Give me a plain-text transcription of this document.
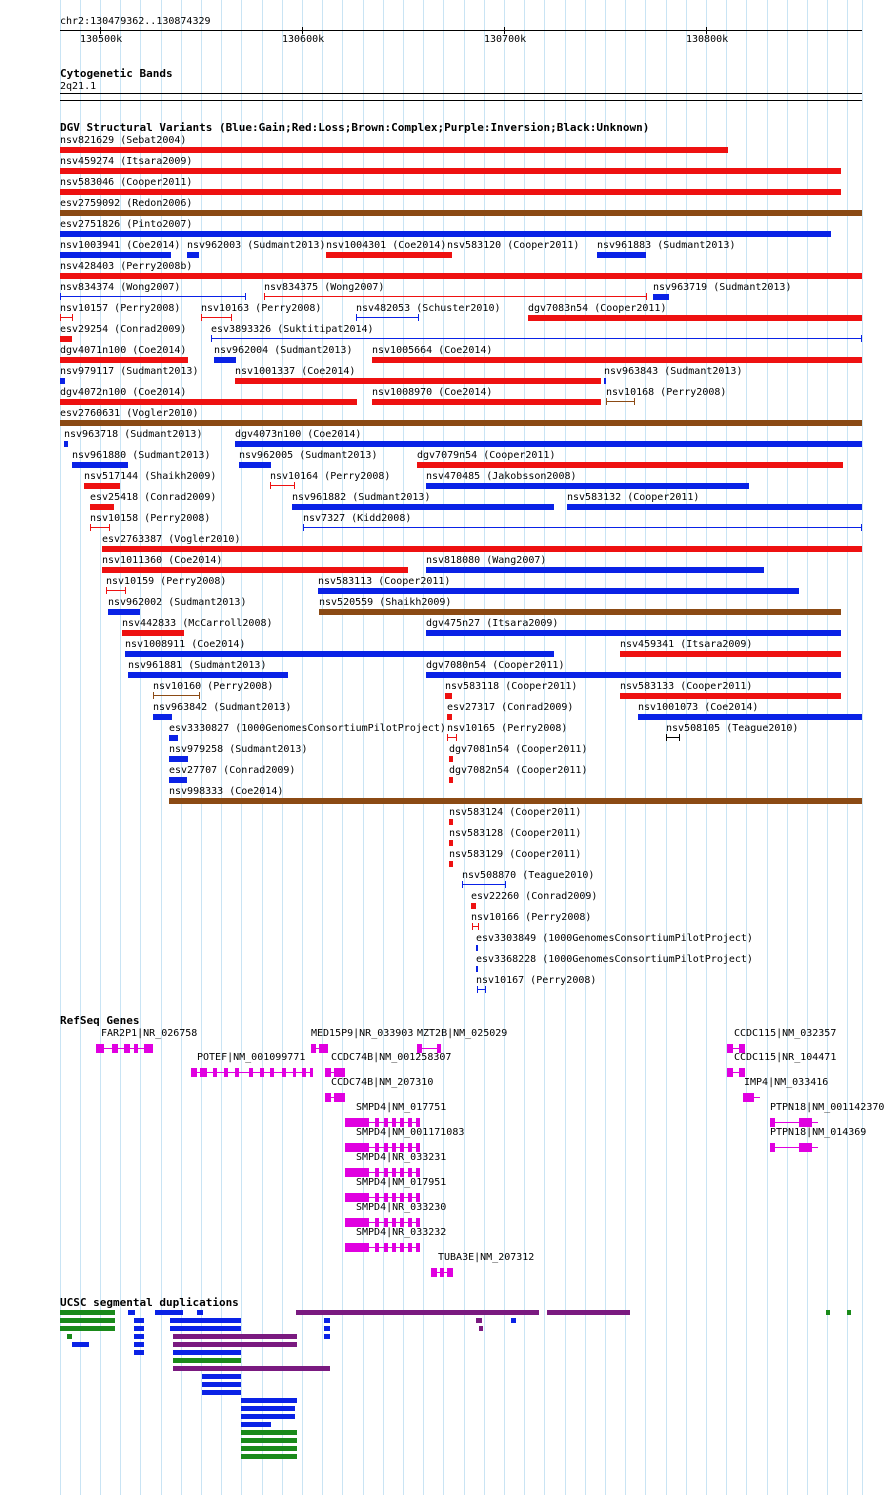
chr2:130479362..130874329
130500k	130600k	130700k	130800k
Cytogenetic Bands
2q21.1
DGV Structural Variants (Blue:Gain;Red:Loss;Brown:Complex;Purple:Inversion;Black:Unknown)
nsv821629 (Sebat2004)
nsv459274 (Itsara2009)
nsv583046 (Cooper2011)
esv2759092 (Redon2006)
esv2751826 (Pinto2007)
nsv1003941 (Coe2014) nsv962003 (Sudmant2013) nsv1004301 (Coe2014) nsv583120 (Cooper2011) nsv961883 (Sudmant2013)
nsv428403 (Perry2008b)
nsv834374 (Wong2007)	nsv834375 (Wong2007)	nsv963719 (Sudmant2013)
nsv10157 (Perry2008) nsv10163 (Perry2008)	nsv482053 (Schuster2010)	dgv7083n54 (Cooper2011)
esv29254 (Conrad2009) esv3893326 (Suktitipat2014)
dgv4071n100 (Coe2014)	nsv962004 (Sudmant2013) nsv1005664 (Coe2014)
nsv979117 (Sudmant2013)	nsv1001337 (Coe2014)	nsv963843 (Sudmant2013)
dgv4072n100 (Coe2014)	nsv1008970 (Coe2014)	nsv10168 (Perry2008)
esv2760631 (Vogler2010)
nsv963718 (Sudmant2013)	dgv4073n100 (Coe2014)
nsv961880 (Sudmant2013)	nsv962005 (Sudmant2013)	dgv7079n54 (Cooper2011)
nsv517144 (Shaikh2009)	nsv10164 (Perry2008)	nsv470485 (Jakobsson2008)
esv25418 (Conrad2009)	nsv961882 (Sudmant2013)	nsv583132 (Cooper2011)
nsv10158 (Perry2008)	nsv7327 (Kidd2008)
esv2763387 (Vogler2010)
nsv1011360 (Coe2014)	nsv818080 (Wang2007)
nsv10159 (Perry2008)	nsv583113 (Cooper2011)
nsv962002 (Sudmant2013)	nsv520559 (Shaikh2009)
nsv442833 (McCarroll2008)	dgv475n27 (Itsara2009)
nsv1008911 (Coe2014)	nsv459341 (Itsara2009)
nsv961881 (Sudmant2013)	dgv7080n54 (Cooper2011)
nsv10160 (Perry2008)	nsv583118 (Cooper2011)	nsv583133 (Cooper2011)
nsv963842 (Sudmant2013)	esv27317 (Conrad2009)	nsv1001073 (Coe2014)
esv3330827 (1000GenomesConsortiumPilotProject) nsv10165 (Perry2008)	nsv508105 (Teague2010)
nsv979258 (Sudmant2013)	dgv7081n54 (Cooper2011)
esv27707 (Conrad2009)	dgv7082n54 (Cooper2011)
nsv998333 (Coe2014)
nsv583124 (Cooper2011)
nsv583128 (Cooper2011)
nsv583129 (Cooper2011)
nsv508870 (Teague2010)
esv22260 (Conrad2009)
nsv10166 (Perry2008)
esv3303849 (1000GenomesConsortiumPilotProject)
esv3368228 (1000GenomesConsortiumPilotProject)
nsv10167 (Perry2008)
RefSeq Genes
FAR2P1|NR_026758
POTEF|NM_001099771
MED15P9|NR_033903 MZT2B|NM_025029
CCDC74B|NM_001258307
CCDC74B|NM_207310
SMPD4|NM_017751
SMPD4|NM_001171083
SMPD4|NR_033231
SMPD4|NM_017951
SMPD4|NR_033230
SMPD4|NR_033232
TUBA3E|NM_207312
CCDC115|NM_032357
CCDC115|NR_104471
IMP4|NM_033416
PTPN18|NM_001142370
PTPN18|NM_014369
UCSC segmental duplications
